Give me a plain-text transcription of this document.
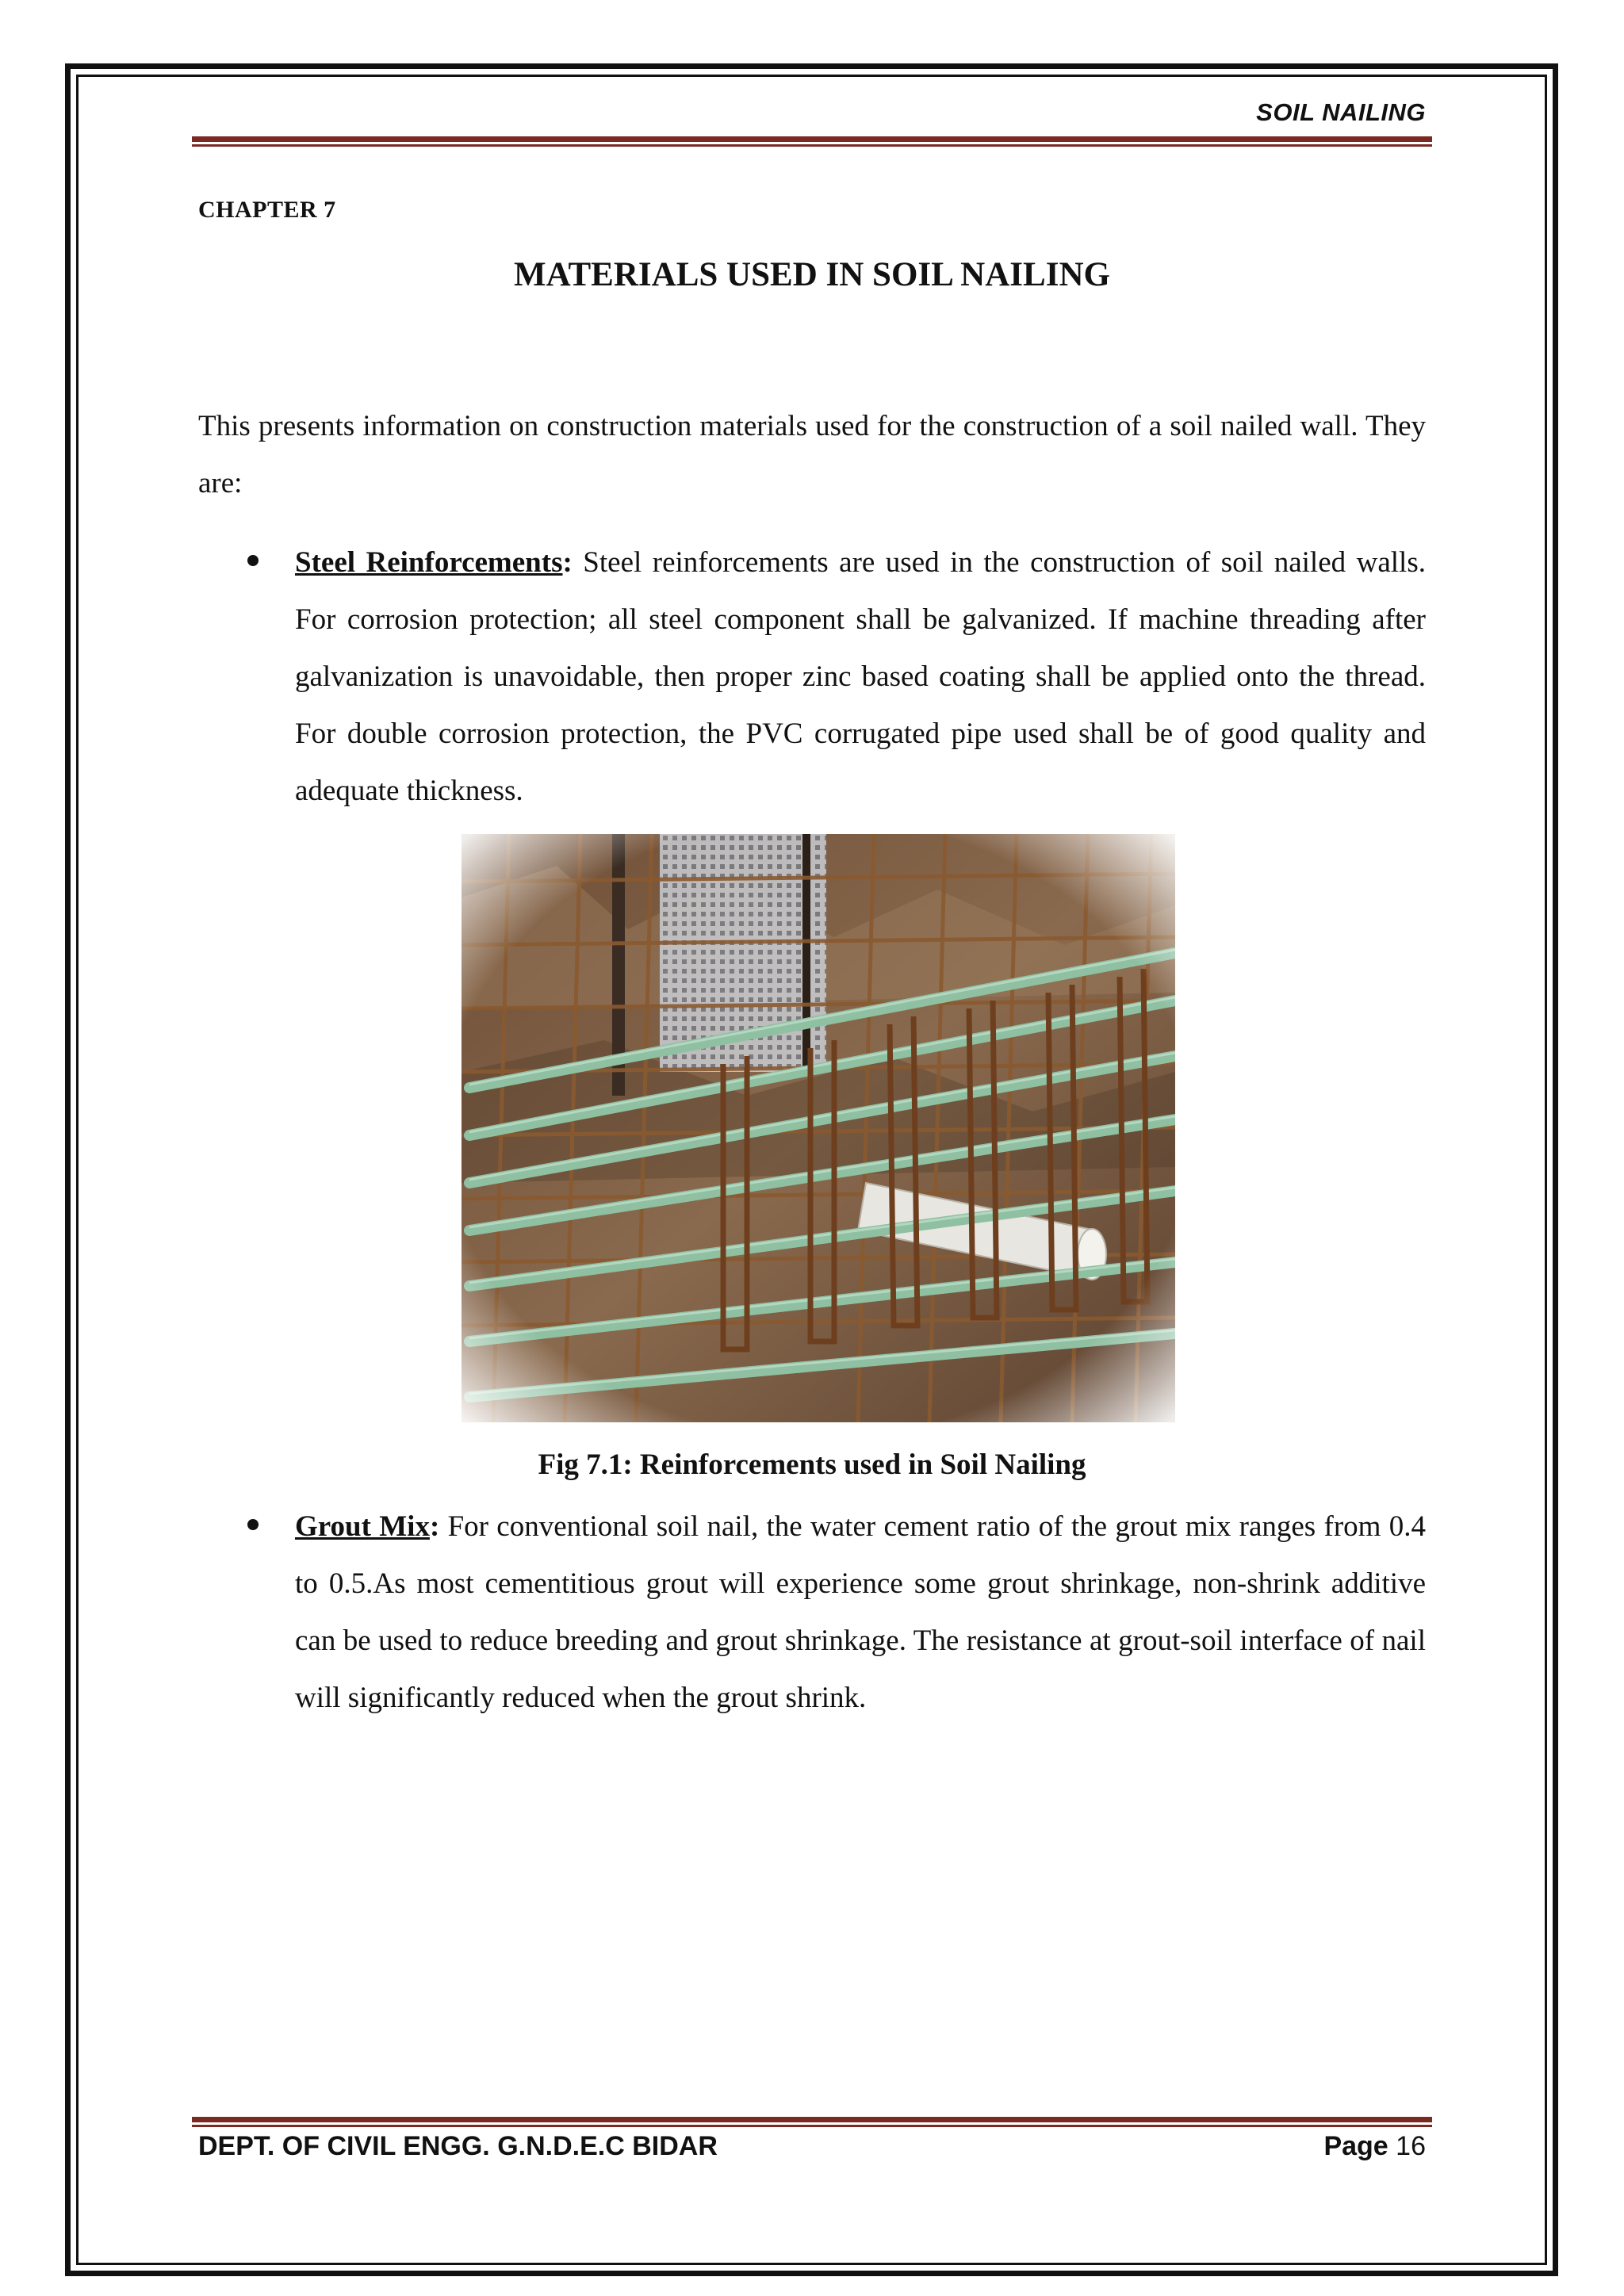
SOIL NAILING
CHAPTER 7
MATERIALS USED IN SOIL NAILING
This presents information on construction materials used for the construction of a soil nailed wall. They are:
Steel Reinforcements: Steel reinforcements are used in the construction of soil nailed walls. For corrosion protection; all steel component shall be galvanized. If machine threading after galvanization is unavoidable, then proper zinc based coating shall be applied onto the thread. For double corrosion protection, the PVC corrugated pipe used shall be of good quality and adequate thickness.
Fig 7.1: Reinforcements used in Soil Nailing
Grout Mix: For conventional soil nail, the water cement ratio of the grout mix ranges from 0.4 to 0.5.As most cementitious grout will experience some grout shrinkage, non-shrink additive can be used to reduce breeding and grout shrinkage. The resistance at grout-soil interface of nail will significantly reduced when the grout shrink.
DEPT. OF CIVIL ENGG. G.N.D.E.C BIDAR	Page 16
